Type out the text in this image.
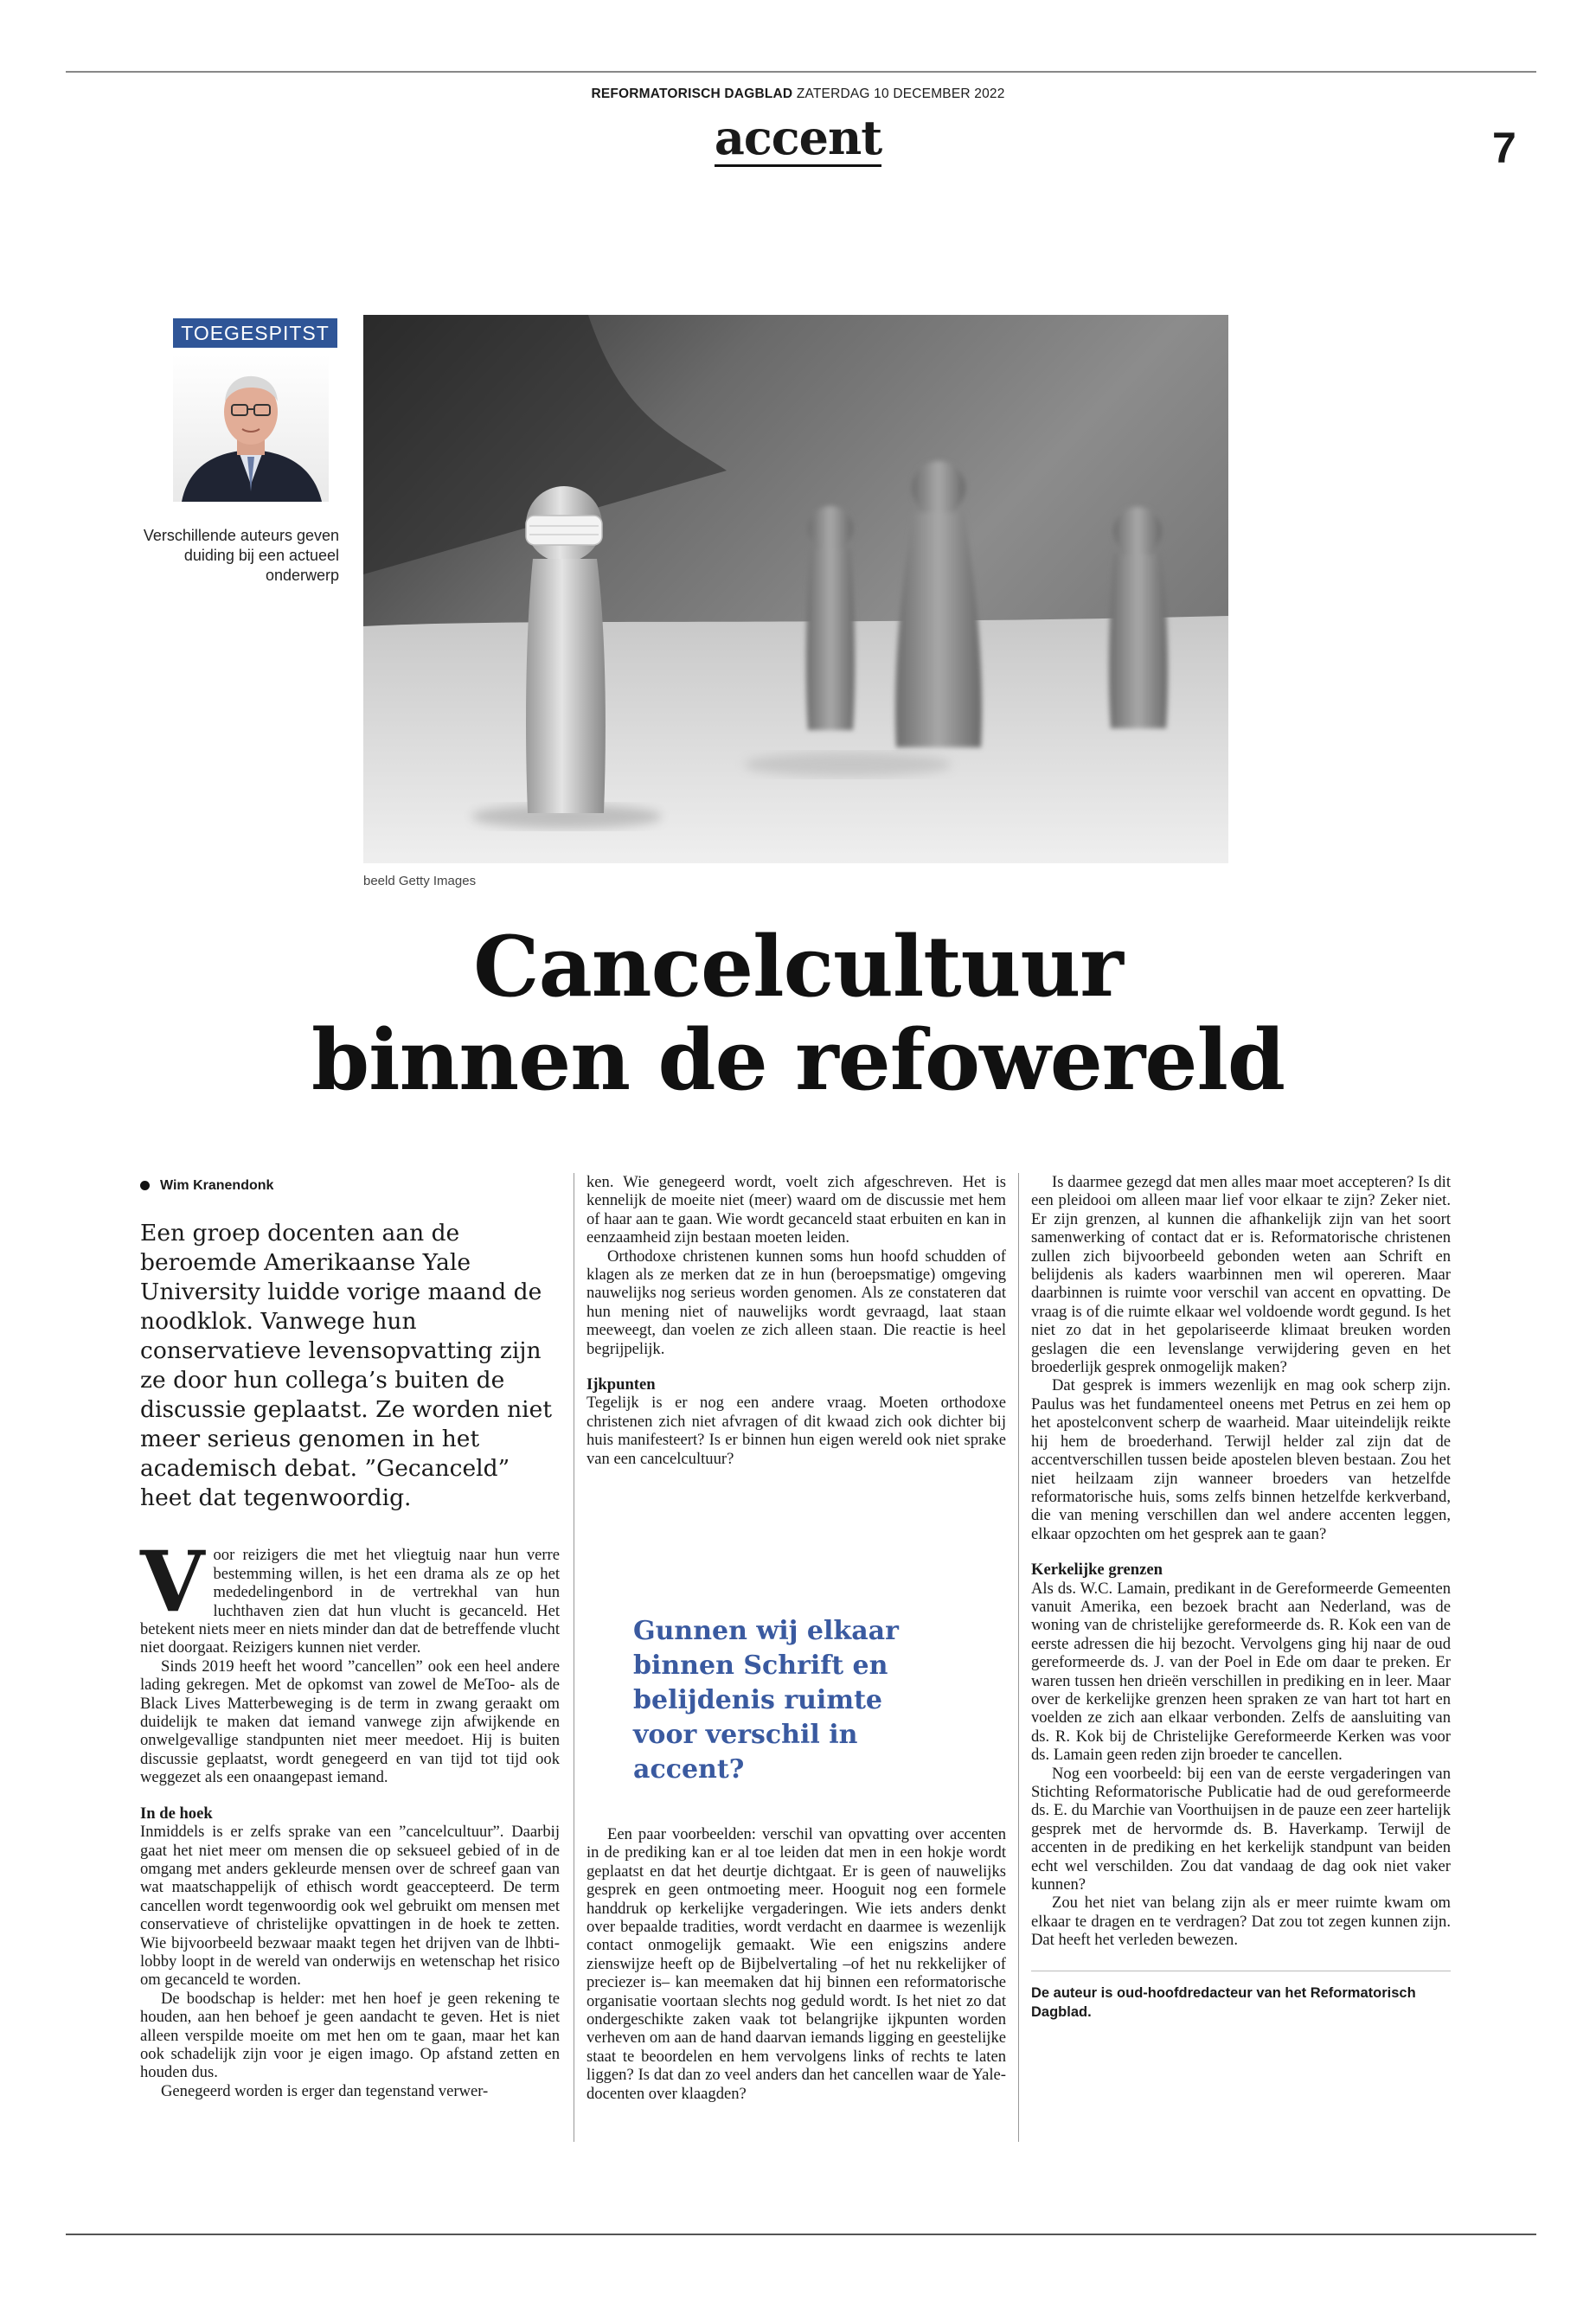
REFORMATORISCH DAGBLAD ZATERDAG 10 DECEMBER 2022
accent	7
TOEGESPITST
Verschillende auteurs geven duiding bij een actueel onderwerp
beeld Getty Images
Cancelcultuur
binnen de refowereld
Wim Kranendonk
Een groep docenten aan de beroemde Amerikaanse Yale University luidde vorige maand de noodklok. Vanwege hun conservatieve levensopvatting zijn ze door hun collega’s buiten de discussie geplaatst. Ze worden niet meer serieus genomen in het academisch debat. ”Gecanceld” heet dat tegenwoordig.

Voor reizigers die met het vliegtuig naar hun verre bestemming willen, is het een drama als ze op het mededelingenbord in de vertrekhal van hun luchthaven zien dat hun vlucht is gecanceld. Het betekent niets meer en niets minder dan dat de betreffende vlucht niet doorgaat. Reizigers kunnen niet verder.

Sinds 2019 heeft het woord ”cancellen” ook een heel andere lading gekregen. Met de opkomst van zowel de MeToo- als de Black Lives Matterbeweging is de term in zwang geraakt om duidelijk te maken dat iemand vanwege zijn afwijkende en onwelgevallige standpunten niet meer meedoet. Hij is buiten discussie geplaatst, wordt genegeerd en van tijd tot tijd ook weggezet als een onaangepast iemand.

In de hoek

Inmiddels is er zelfs sprake van een ”cancelcultuur”. Daarbij gaat het niet meer om mensen die op seksueel gebied of in de omgang met anders gekleurde mensen over de schreef gaan van wat maatschappelijk of ethisch wordt geaccepteerd. De term cancellen wordt tegenwoordig ook wel gebruikt om mensen met conservatieve of christelijke opvattingen in de hoek te zetten. Wie bijvoorbeeld bezwaar maakt tegen het drijven van de lhbti-lobby loopt in de wereld van onderwijs en wetenschap het risico om gecanceld te worden.

De boodschap is helder: met hen hoef je geen rekening te houden, aan hen behoef je geen aandacht te geven. Het is niet alleen verspilde moeite om met hen om te gaan, maar het kan ook schadelijk zijn voor je eigen imago. Op afstand zetten en houden dus.

Genegeerd worden is erger dan tegenstand verwer-

ken. Wie genegeerd wordt, voelt zich afgeschreven. Het is kennelijk de moeite niet (meer) waard om de discussie met hem of haar aan te gaan. Wie wordt gecanceld staat erbuiten en kan in eenzaamheid zijn bestaan moeten leiden.

Orthodoxe christenen kunnen soms hun hoofd schudden of klagen als ze merken dat ze in hun (beroepsmatige) omgeving nauwelijks nog serieus worden genomen. Als ze constateren dat hun mening niet of nauwelijks wordt gevraagd, laat staan meeweegt, dan voelen ze zich alleen staan. Die reactie is heel begrijpelijk.

Ijkpunten

Tegelijk is er nog een andere vraag. Moeten orthodoxe christenen zich niet afvragen of dit kwaad zich ook dichter bij huis manifesteert? Is er binnen hun eigen wereld ook niet sprake van een cancelcultuur?

Gunnen wij elkaar binnen Schrift en belijdenis ruimte voor verschil in accent?

Een paar voorbeelden: verschil van opvatting over accenten in de prediking kan er al toe leiden dat men in een hokje wordt geplaatst en dat het deurtje dichtgaat. Er is geen of nauwelijks gesprek en geen ontmoeting meer. Hooguit nog een formele handdruk op kerkelijke vergaderingen. Wie iets anders denkt over bepaalde tradities, wordt verdacht en daarmee is wezenlijk contact onmogelijk gemaakt. Wie een enigszins andere zienswijze heeft op de Bijbelvertaling –of het nu rekkelijker of preciezer is– kan meemaken dat hij binnen een reformatorische organisatie voortaan slechts nog geduld wordt. Is het niet zo dat ondergeschikte zaken vaak tot belangrijke ijkpunten worden verheven om aan de hand daarvan iemands ligging en geestelijke staat te beoordelen en hem vervolgens links of rechts te laten liggen? Is dat dan zo veel anders dan het cancellen waar de Yale-docenten over klaagden?

Is daarmee gezegd dat men alles maar moet accepteren? Is dit een pleidooi om alleen maar lief voor elkaar te zijn? Zeker niet. Er zijn grenzen, al kunnen die afhankelijk zijn van het soort samenwerking of contact dat er is. Reformatorische christenen zullen zich bijvoorbeeld gebonden weten aan Schrift en belijdenis als kaders waarbinnen men wil opereren. Maar daarbinnen is ruimte voor verschil van accent en opvatting. De vraag is of die ruimte elkaar wel voldoende wordt gegund. Is het niet zo dat in het gepolariseerde klimaat breuken worden geslagen die een levenslange verwijdering geven en het broederlijk gesprek onmogelijk maken?

Dat gesprek is immers wezenlijk en mag ook scherp zijn. Paulus was het fundamenteel oneens met Petrus en zei hem op het apostelconvent scherp de waarheid. Maar uiteindelijk reikte hij hem de broederhand. Terwijl helder zal zijn dat de accentverschillen tussen beide apostelen bleven bestaan. Zou het niet heilzaam zijn wanneer broeders van hetzelfde reformatorische huis, soms zelfs binnen hetzelfde kerkverband, die van mening verschillen dan wel andere accenten leggen, elkaar opzochten om het gesprek aan te gaan?

Kerkelijke grenzen

Als ds. W.C. Lamain, predikant in de Gereformeerde Gemeenten vanuit Amerika, een bezoek bracht aan Nederland, was de woning van de christelijke gereformeerde ds. R. Kok een van de eerste adressen die hij bezocht. Vervolgens ging hij naar de oud gereformeerde ds. J. van der Poel in Ede om daar te preken. Er waren tussen hen drieën verschillen in prediking en in leer. Maar over de kerkelijke grenzen heen spraken ze van hart tot hart en voelden ze zich aan elkaar verbonden. Zelfs de aansluiting van ds. R. Kok bij de Christelijke Gereformeerde Kerken was voor ds. Lamain geen reden zijn broeder te cancellen.

Nog een voorbeeld: bij een van de eerste vergaderingen van Stichting Reformatorische Publicatie had de oud gereformeerde ds. E. du Marchie van Voorthuijsen in de pauze een zeer hartelijk gesprek met de hervormde ds. B. Haverkamp. Terwijl de accenten in de prediking en het kerkelijk standpunt van beiden echt wel verschilden. Zou dat vandaag de dag ook niet vaker kunnen?

Zou het niet van belang zijn als er meer ruimte kwam om elkaar te dragen en te verdragen? Dat zou tot zegen kunnen zijn. Dat heeft het verleden bewezen.

De auteur is oud-hoofdredacteur van het Reformatorisch Dagblad.
